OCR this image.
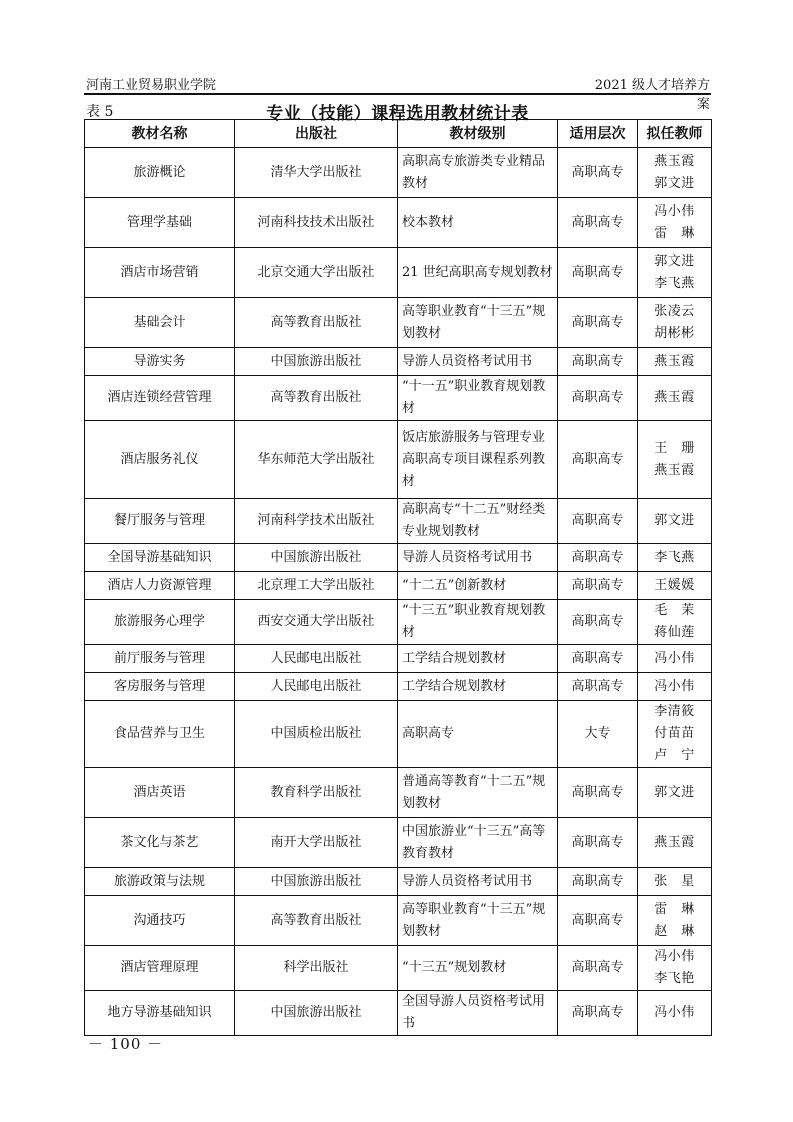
河南工业贸易职业学院	2021 级人才培养方案
表 5	专业（技能）课程选用教材统计表
教材名称	出版社	教材级别	适用层次	拟任教师
旅游概论	清华大学出版社	高职高专旅游类专业精品教材	高职高专	燕玉霞
郭文进
管理学基础	河南科技技术出版社	校本教材	高职高专	冯小伟
雷　琳
酒店市场营销	北京交通大学出版社	21 世纪高职高专规划教材	高职高专	郭文进
李飞燕
基础会计	高等教育出版社	高等职业教育“十三五”规划教材	高职高专	张凌云
胡彬彬
导游实务	中国旅游出版社	导游人员资格考试用书	高职高专	燕玉霞
酒店连锁经营管理	高等教育出版社	“十一五”职业教育规划教材	高职高专	燕玉霞
酒店服务礼仪	华东师范大学出版社	饭店旅游服务与管理专业高职高专项目课程系列教材	高职高专	王　珊
燕玉霞
餐厅服务与管理	河南科学技术出版社	高职高专“十二五”财经类专业规划教材	高职高专	郭文进
全国导游基础知识	中国旅游出版社	导游人员资格考试用书	高职高专	李飞燕
酒店人力资源管理	北京理工大学出版社	“十二五”创新教材	高职高专	王媛媛
旅游服务心理学	西安交通大学出版社	“十三五”职业教育规划教材	高职高专	毛　茉
蒋仙莲
前厅服务与管理	人民邮电出版社	工学结合规划教材	高职高专	冯小伟
客房服务与管理	人民邮电出版社	工学结合规划教材	高职高专	冯小伟
食品营养与卫生	中国质检出版社	高职高专	大专	李清筱
付苗苗
卢　宁
酒店英语	教育科学出版社	普通高等教育“十二五”规划教材	高职高专	郭文进
茶文化与茶艺	南开大学出版社	中国旅游业“十三五”高等教育教材	高职高专	燕玉霞
旅游政策与法规	中国旅游出版社	导游人员资格考试用书	高职高专	张　星
沟通技巧	高等教育出版社	高等职业教育“十三五”规划教材	高职高专	雷　琳
赵　琳
酒店管理原理	科学出版社	“十三五”规划教材	高职高专	冯小伟
李飞艳
地方导游基础知识	中国旅游出版社	全国导游人员资格考试用书	高职高专	冯小伟
－ 100 －
